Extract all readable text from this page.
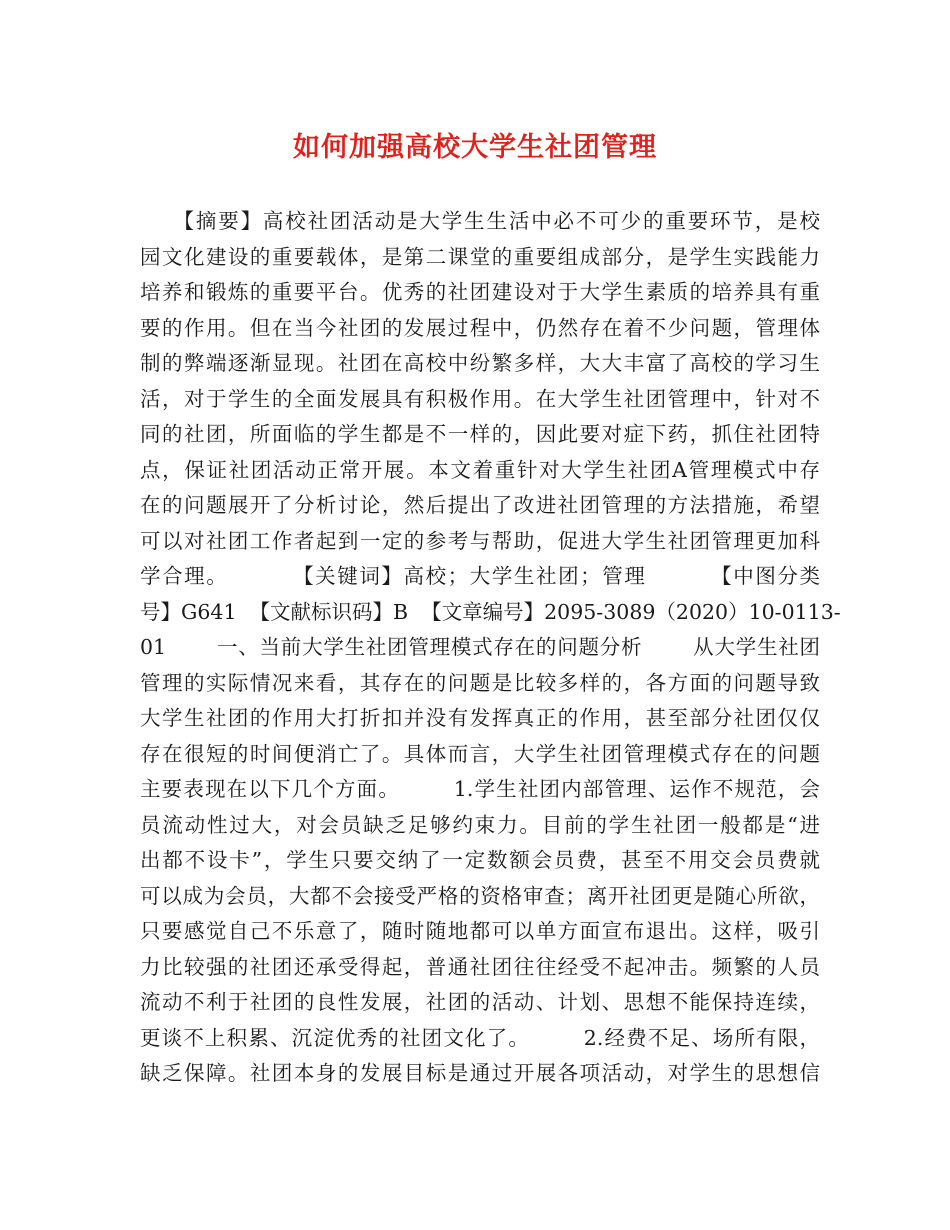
如何加强高校大学生社团管理
【摘要】高校社团活动是大学生生活中必不可少的重要环节，是校
园文化建设的重要载体，是第二课堂的重要组成部分，是学生实践能力
培养和锻炼的重要平台。优秀的社团建设对于大学生素质的培养具有重
要的作用。但在当今社团的发展过程中，仍然存在着不少问题，管理体
制的弊端逐渐显现。社团在高校中纷繁多样，大大丰富了高校的学习生
活，对于学生的全面发展具有积极作用。在大学生社团管理中，针对不
同的社团，所面临的学生都是不一样的，因此要对症下药，抓住社团特
点，保证社团活动正常开展。本文着重针对大学生社团A管理模式中存
在的问题展开了分析讨论，然后提出了改进社团管理的方法措施，希望
可以对社团工作者起到一定的参考与帮助，促进大学生社团管理更加科
学合理。        【关键词】高校；大学生社团；管理        【中图分类
号】G641  【文献标识码】B  【文章编号】2095-3089（2020）10-0113-
01       一、当前大学生社团管理模式存在的问题分析       从大学生社团
管理的实际情况来看，其存在的问题是比较多样的，各方面的问题导致
大学生社团的作用大打折扣并没有发挥真正的作用，甚至部分社团仅仅
存在很短的时间便消亡了。具体而言，大学生社团管理模式存在的问题
主要表现在以下几个方面。       1.学生社团内部管理、运作不规范，会
员流动性过大，对会员缺乏足够约束力。目前的学生社团一般都是“进
出都不设卡”，学生只要交纳了一定数额会员费，甚至不用交会员费就
可以成为会员，大都不会接受严格的资格审查；离开社团更是随心所欲，
只要感觉自己不乐意了，随时随地都可以单方面宣布退出。这样，吸引
力比较强的社团还承受得起，普通社团往往经受不起冲击。频繁的人员
流动不利于社团的良性发展，社团的活动、计划、思想不能保持连续，
更谈不上积累、沉淀优秀的社团文化了。       2.经费不足、场所有限，
缺乏保障。社团本身的发展目标是通过开展各项活动，对学生的思想信
